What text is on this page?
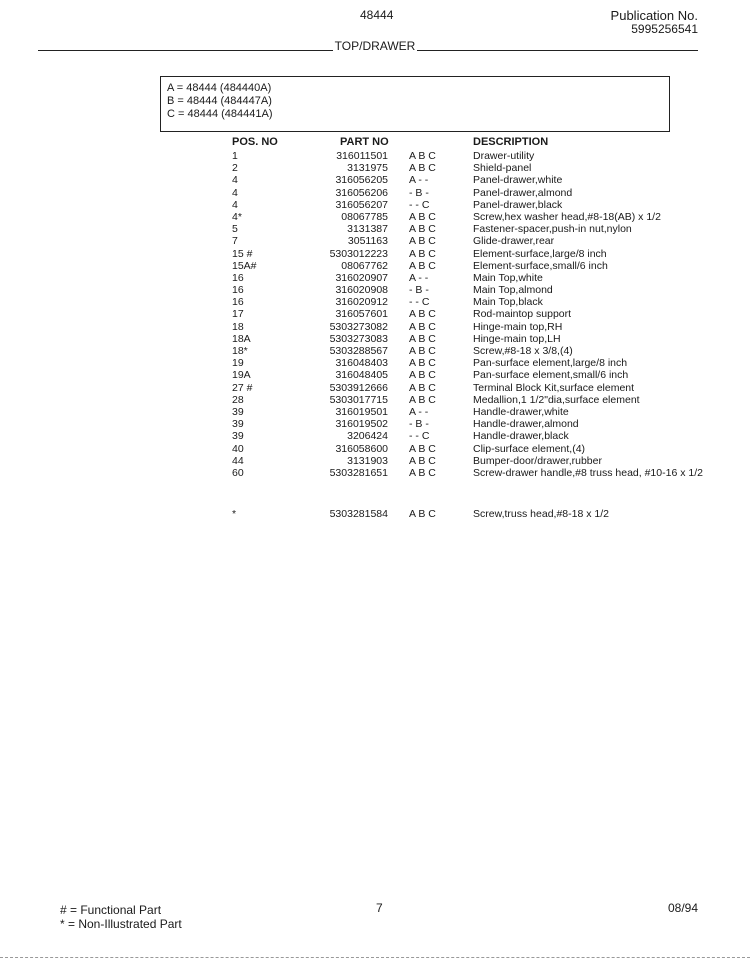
48444	Publication No.
5995256541
TOP/DRAWER
A = 48444 (484440A)
B = 48444 (484447A)
C = 48444 (484441A)
POS. NO	PART NO	DESCRIPTION
1	316011501 A B C	Drawer-utility
2	3131975 A B C	Shield-panel
4	316056205 A - -	Panel-drawer,white
4	316056206 - B -	Panel-drawer,almond
4	316056207 - - C	Panel-drawer,black
4*	08067785 A B C	Screw,hex washer head,#8-18(AB) x 1/2
5	3131387 A B C	Fastener-spacer,push-in nut,nylon
7	3051163 A B C	Glide-drawer,rear
15 #	5303012223 A B C	Element-surface,large/8 inch
15A#	08067762 A B C	Element-surface,small/6 inch
16	316020907 A - -	Main Top,white
16	316020908 - B -	Main Top,almond
16	316020912 - - C	Main Top,black
17	316057601 A B C	Rod-maintop support
18	5303273082 A B C	Hinge-main top,RH
18A	5303273083 A B C	Hinge-main top,LH
18*	5303288567 A B C	Screw,#8-18 x 3/8,(4)
19	316048403 A B C	Pan-surface element,large/8 inch
19A	316048405 A B C	Pan-surface element,small/6 inch
27 #	5303912666 A B C	Terminal Block Kit,surface element
28	5303017715 A B C	Medallion,1 1/2"dia,surface element
39	316019501 A - -	Handle-drawer,white
39	316019502 - B -	Handle-drawer,almond
39	3206424 - - C	Handle-drawer,black
40	316058600 A B C	Clip-surface element,(4)
44	3131903 A B C	Bumper-door/drawer,rubber
60	5303281651 A B C	Screw-drawer handle,#8 truss head, #10-16 x 1/2
*	5303281584 A B C	Screw,truss head,#8-18 x 1/2
# = Functional Part
* = Non-Illustrated Part
7	08/94
